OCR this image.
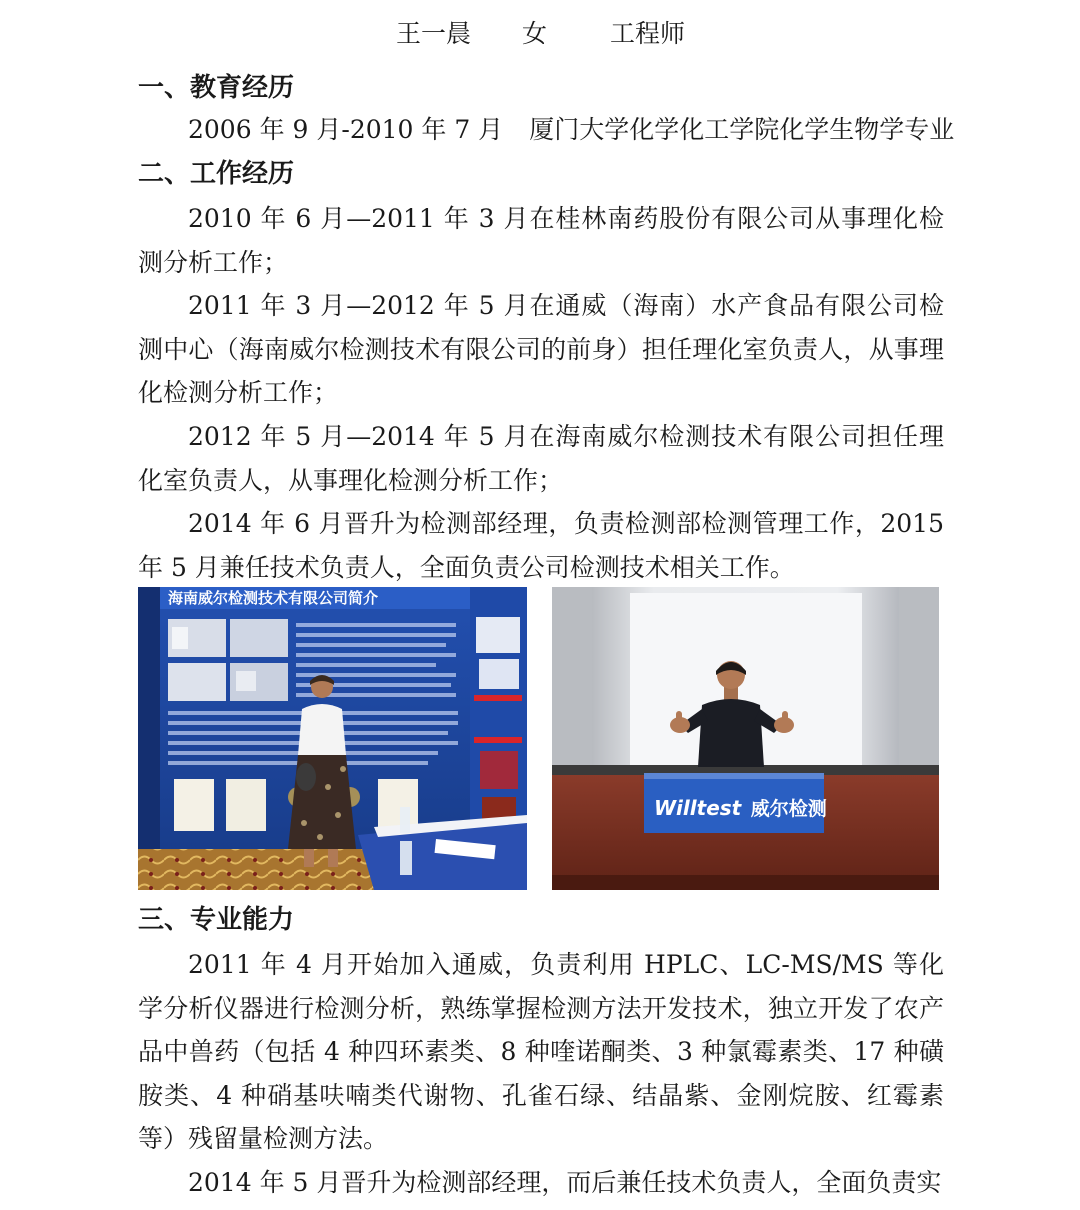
王一晨 女	工程师
一、教育经历
2006 年 9 月-2010 年 7 月 厦门大学化学化工学院化学生物学专业
二、工作经历

2010 年 6 月—2011 年 3 月在桂林南药股份有限公司从事理化检测分析工作；

2011 年 3 月—2012 年 5 月在通威（海南）水产食品有限公司检测中心（海南威尔检测技术有限公司的前身）担任理化室负责人，从事理化检测分析工作；

2012 年 5 月—2014 年 5 月在海南威尔检测技术有限公司担任理化室负责人，从事理化检测分析工作；

2014 年 6 月晋升为检测部经理，负责检测部检测管理工作，2015 年 5 月兼任技术负责人，全面负责公司检测技术相关工作。

海南威尔检测技术有限公司简介
Willtest 威尔检测
三、专业能力

2011 年 4 月开始加入通威，负责利用 HPLC、LC-MS/MS 等化学分析仪器进行检测分析，熟练掌握检测方法开发技术，独立开发了农产品中兽药（包括 4 种四环素类、8 种喹诺酮类、3 种氯霉素类、17 种磺胺类、4 种硝基呋喃类代谢物、孔雀石绿、结晶紫、金刚烷胺、红霉素等）残留量检测方法。

2014 年 5 月晋升为检测部经理，而后兼任技术负责人，全面负责实
